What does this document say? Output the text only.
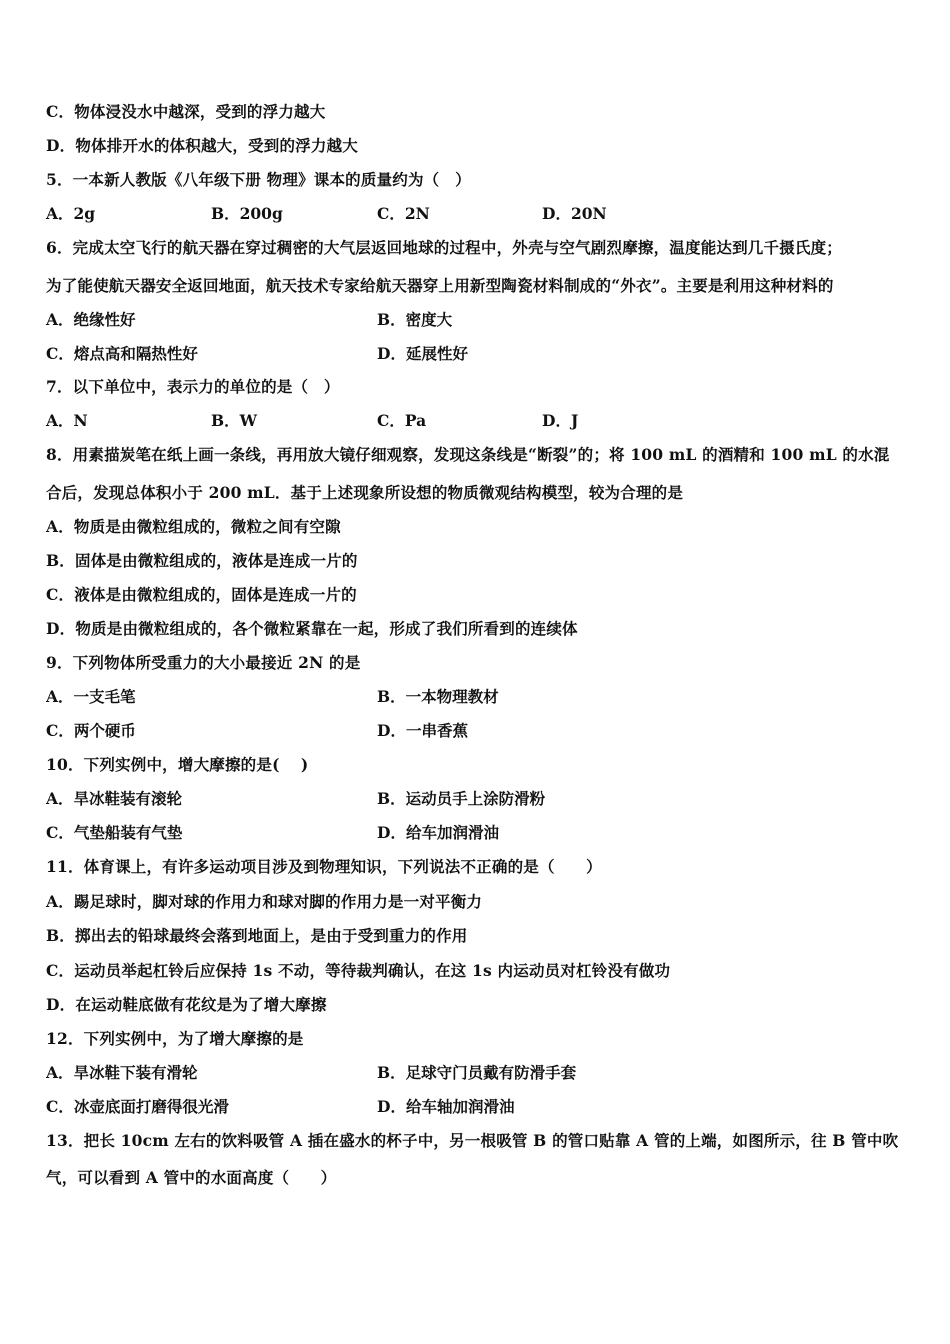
C．物体浸没水中越深，受到的浮力越大
D．物体排开水的体积越大，受到的浮力越大
5．一本新人教版《八年级下册 物理》课本的质量约为（　）
A．2g	B．200g	C．2N	D．20N
6．完成太空飞行的航天器在穿过稠密的大气层返回地球的过程中，外壳与空气剧烈摩擦，温度能达到几千摄氏度；
为了能使航天器安全返回地面，航天技术专家给航天器穿上用新型陶瓷材料制成的“外衣”。主要是利用这种材料的
A．绝缘性好	B．密度大
C．熔点高和隔热性好	D．延展性好
7．以下单位中，表示力的单位的是（　）
A．N	B．W	C．Pa	D．J
8．用素描炭笔在纸上画一条线，再用放大镜仔细观察，发现这条线是“断裂”的；将 100 mL 的酒精和 100 mL 的水混
合后，发现总体积小于 200 mL．基于上述现象所设想的物质微观结构模型，较为合理的是
A．物质是由微粒组成的，微粒之间有空隙
B．固体是由微粒组成的，液体是连成一片的
C．液体是由微粒组成的，固体是连成一片的
D．物质是由微粒组成的，各个微粒紧靠在一起，形成了我们所看到的连续体
9．下列物体所受重力的大小最接近 2N 的是
A．一支毛笔	B．一本物理教材
C．两个硬币	D．一串香蕉
10．下列实例中，增大摩擦的是(　 )
A．旱冰鞋装有滚轮	B．运动员手上涂防滑粉
C．气垫船装有气垫	D．给车加润滑油
11．体育课上，有许多运动项目涉及到物理知识，下列说法不正确的是（　　）
A．踢足球时，脚对球的作用力和球对脚的作用力是一对平衡力
B．掷出去的铅球最终会落到地面上，是由于受到重力的作用
C．运动员举起杠铃后应保持 1s 不动，等待裁判确认，在这 1s 内运动员对杠铃没有做功
D．在运动鞋底做有花纹是为了增大摩擦
12．下列实例中，为了增大摩擦的是
A．旱冰鞋下装有滑轮	B．足球守门员戴有防滑手套
C．冰壶底面打磨得很光滑	D．给车轴加润滑油
13．把长 10cm 左右的饮料吸管 A 插在盛水的杯子中，另一根吸管 B 的管口贴靠 A 管的上端，如图所示，往 B 管中吹
气，可以看到 A 管中的水面高度（　　）
